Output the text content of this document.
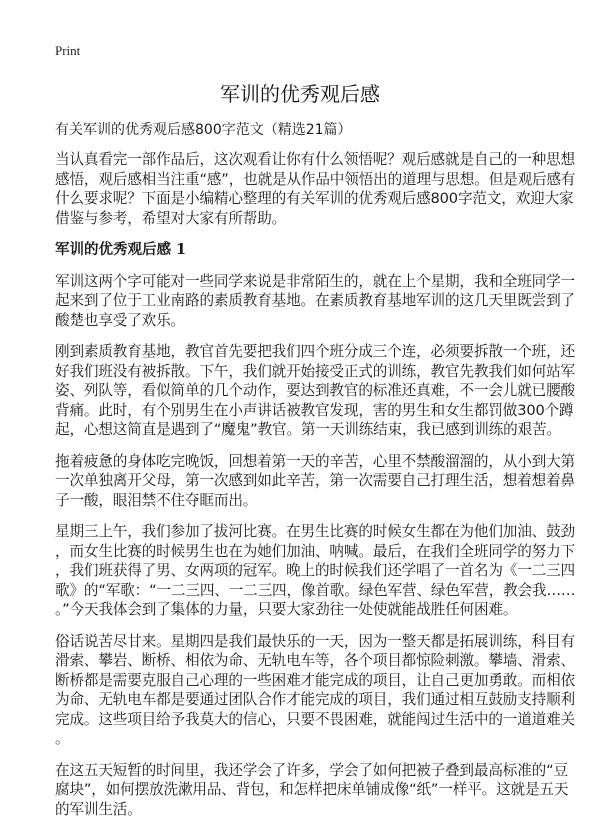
Print
军训的优秀观后感
有关军训的优秀观后感800字范文（精选21篇）
当认真看完一部作品后，这次观看让你有什么领悟呢？观后感就是自己的一种思想
感悟，观后感相当注重“感”，也就是从作品中领悟出的道理与思想。但是观后感有
什么要求呢？下面是小编精心整理的有关军训的优秀观后感800字范文，欢迎大家
借鉴与参考，希望对大家有所帮助。
军训的优秀观后感 1
军训这两个字可能对一些同学来说是非常陌生的，就在上个星期，我和全班同学一
起来到了位于工业南路的素质教育基地。在素质教育基地军训的这几天里既尝到了
酸楚也享受了欢乐。
刚到素质教育基地，教官首先要把我们四个班分成三个连，必须要拆散一个班，还
好我们班没有被拆散。下午，我们就开始接受正式的训练，教官先教我们如何站军
姿、列队等，看似简单的几个动作，要达到教官的标准还真难，不一会儿就已腰酸
背痛。此时，有个别男生在小声讲话被教官发现，害的男生和女生都罚做300个蹲
起，心想这简直是遇到了“魔鬼”教官。第一天训练结束，我已感到训练的艰苦。
拖着疲惫的身体吃完晚饭，回想着第一天的辛苦，心里不禁酸溜溜的，从小到大第
一次单独离开父母，第一次感到如此辛苦，第一次需要自己打理生活，想着想着鼻
子一酸，眼泪禁不住夺眶而出。
星期三上午，我们参加了拔河比赛。在男生比赛的时候女生都在为他们加油、鼓劲
，而女生比赛的时候男生也在为她们加油、呐喊。最后，在我们全班同学的努力下
，我们班获得了男、女两项的冠军。晚上的时候我们还学唱了一首名为《一二三四
歌》的“军歌：“一二三四、一二三四，像首歌。绿色军营、绿色军营，教会我……
。”今天我体会到了集体的力量，只要大家劲往一处使就能战胜任何困难。
俗话说苦尽甘来。星期四是我们最快乐的一天，因为一整天都是拓展训练，科目有
滑索、攀岩、断桥、相依为命、无轨电车等，各个项目都惊险刺激。攀墙、滑索、
断桥都是需要克服自己心理的一些困难才能完成的项目，让自己更加勇敢。而相依
为命、无轨电车都是要通过团队合作才能完成的项目，我们通过相互鼓励支持顺利
完成。这些项目给予我莫大的信心，只要不畏困难，就能闯过生活中的一道道难关
。
在这五天短暂的时间里，我还学会了许多，学会了如何把被子叠到最高标准的“豆
腐块”，如何摆放洗漱用品、背包，和怎样把床单铺成像“纸”一样平。这就是五天
的军训生活。
